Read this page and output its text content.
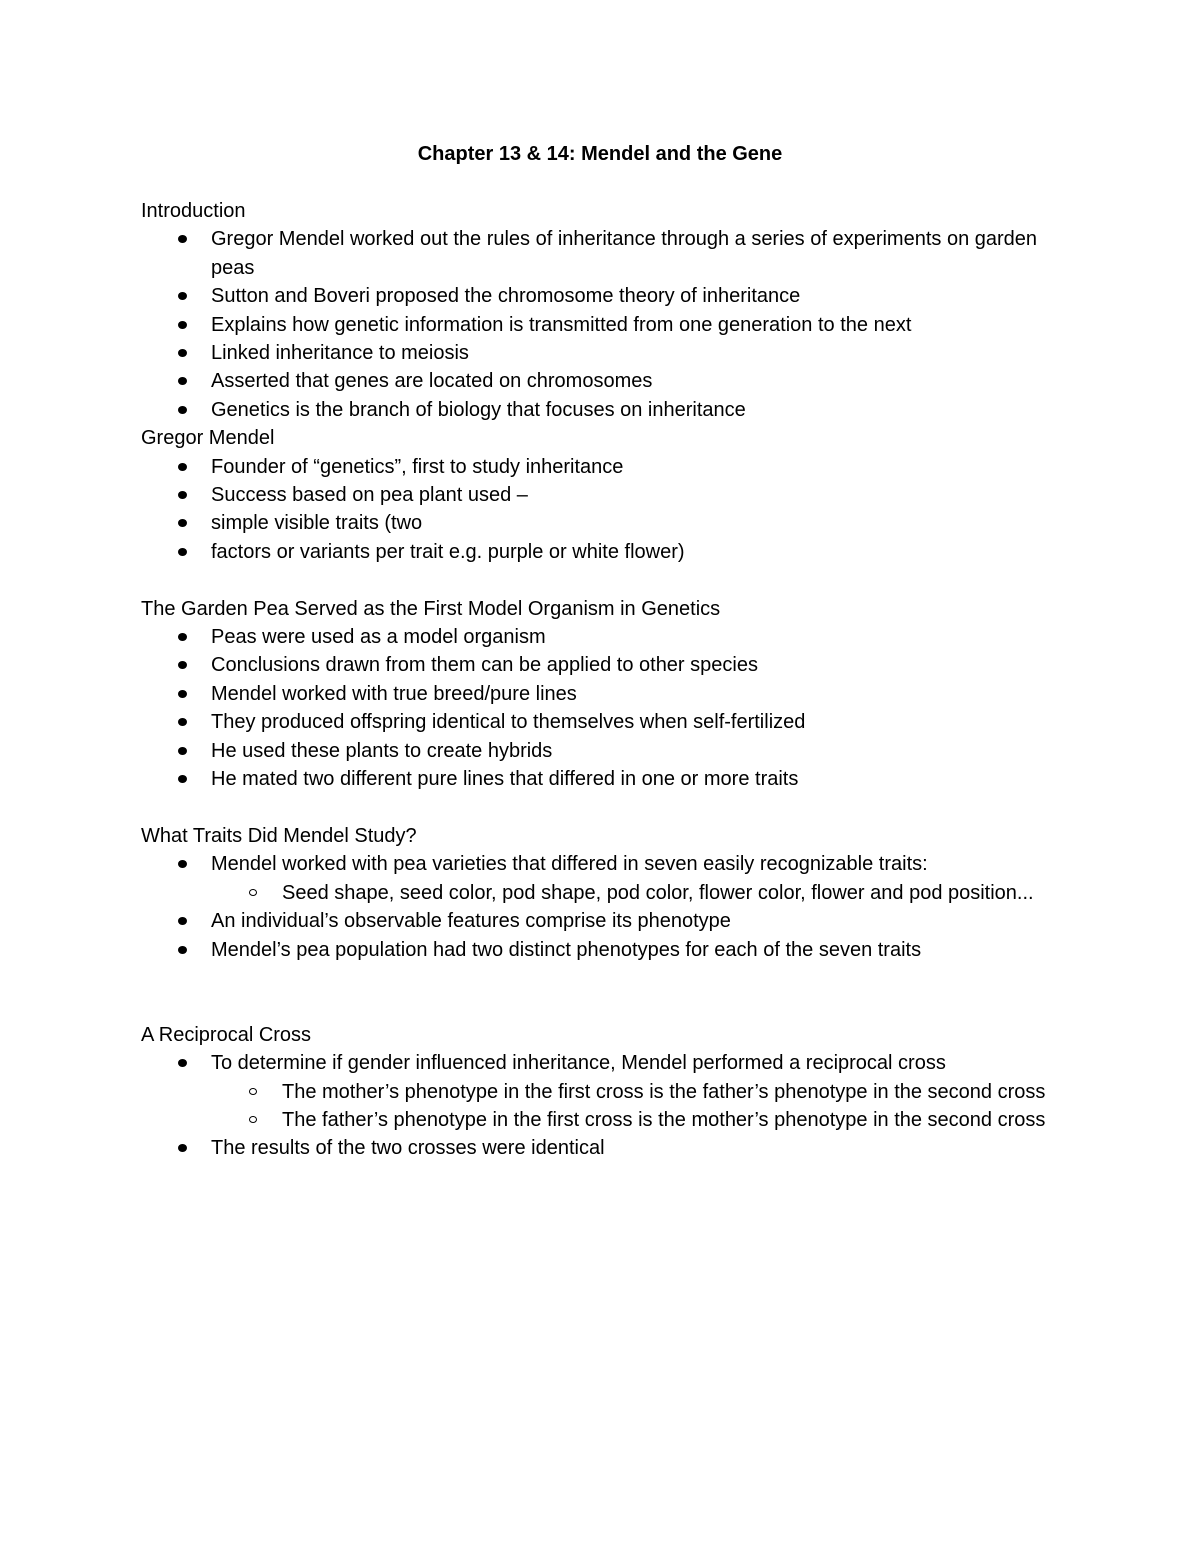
Chapter 13 & 14: Mendel and the Gene
Introduction
Gregor Mendel worked out the rules of inheritance through a series of experiments on garden peas
Sutton and Boveri proposed the chromosome theory of inheritance
Explains how genetic information is transmitted from one generation to the next
Linked inheritance to meiosis
Asserted that genes are located on chromosomes
Genetics is the branch of biology that focuses on inheritance
Gregor Mendel
Founder of “genetics”, first to study inheritance
Success based on pea plant used –
simple visible traits (two
factors or variants per trait e.g. purple or white flower)
The Garden Pea Served as the First Model Organism in Genetics
Peas were used as a model organism
Conclusions drawn from them can be applied to other species
Mendel worked with true breed/pure lines
They produced offspring identical to themselves when self-fertilized
He used these plants to create hybrids
He mated two different pure lines that differed in one or more traits
What Traits Did Mendel Study?
Mendel worked with pea varieties that differed in seven easily recognizable traits:
Seed shape, seed color, pod shape, pod color, flower color, flower and pod position...
An individual’s observable features comprise its phenotype
Mendel’s pea population had two distinct phenotypes for each of the seven traits
A Reciprocal Cross
To determine if gender influenced inheritance, Mendel performed a reciprocal cross
The mother’s phenotype in the first cross is the father’s phenotype in the second cross
The father’s phenotype in the first cross is the mother’s phenotype in the second cross
The results of the two crosses were identical
